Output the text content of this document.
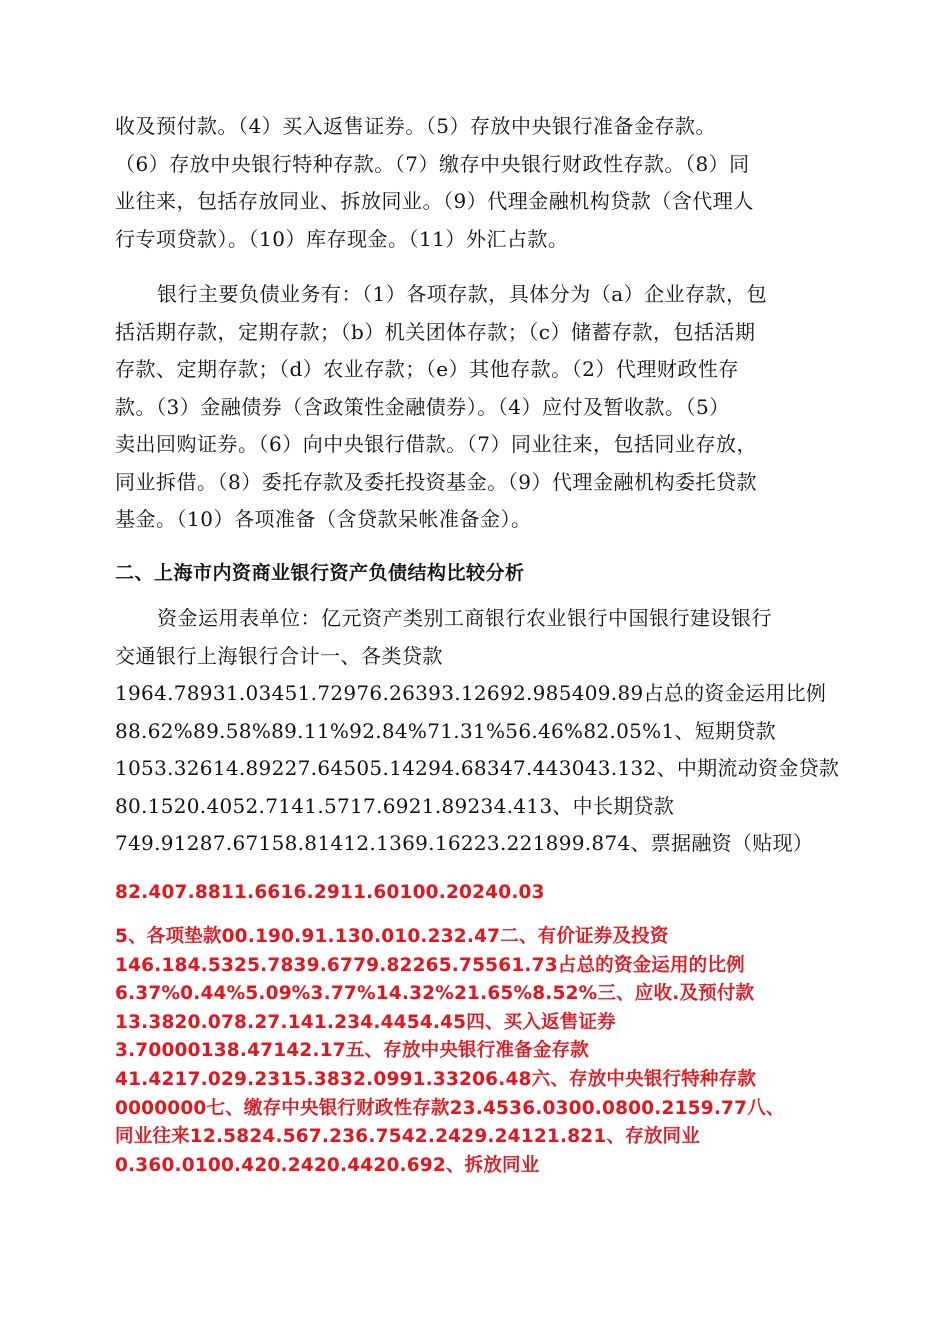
收及预付款。（4）买入返售证券。（5）存放中央银行准备金存款。

（6）存放中央银行特种存款。（7）缴存中央银行财政性存款。（8）同

业往来，包括存放同业、拆放同业。（9）代理金融机构贷款（含代理人

行专项贷款）。（10）库存现金。（11）外汇占款。

银行主要负债业务有：（1）各项存款，具体分为（a）企业存款，包

括活期存款，定期存款；（b）机关团体存款；（c）储蓄存款，包括活期

存款、定期存款；（d）农业存款；（e）其他存款。（2）代理财政性存

款。（3）金融债券（含政策性金融债券）。（4）应付及暂收款。（5）

卖出回购证券。（6）向中央银行借款。（7）同业往来，包括同业存放，

同业拆借。（8）委托存款及委托投资基金。（9）代理金融机构委托贷款

基金。（10）各项准备（含贷款呆帐准备金）。

二、上海市内资商业银行资产负债结构比较分析

资金运用表单位：亿元资产类别工商银行农业银行中国银行建设银行

交通银行上海银行合计一、各类贷款

1964.78931.03451.72976.26393.12692.985409.89占总的资金运用比例

88.62%89.58%89.11%92.84%71.31%56.46%82.05%1、短期贷款

1053.32614.89227.64505.14294.68347.443043.132、中期流动资金贷款

80.1520.4052.7141.5717.6921.89234.413、中长期贷款

749.91287.67158.81412.1369.16223.221899.874、票据融资（贴现）

82.407.8811.6616.2911.60100.20240.03

5、各项垫款00.190.91.130.010.232.47二、有价证券及投资

146.184.5325.7839.6779.82265.75561.73占总的资金运用的比例

6.37%0.44%5.09%3.77%14.32%21.65%8.52%三、应收.及预付款

13.3820.078.27.141.234.4454.45四、买入返售证券

3.70000138.47142.17五、存放中央银行准备金存款

41.4217.029.2315.3832.0991.33206.48六、存放中央银行特种存款

0000000七、缴存中央银行财政性存款23.4536.0300.0800.2159.77八、

同业往来12.5824.567.236.7542.2429.24121.821、存放同业

0.360.0100.420.2420.4420.692、拆放同业
